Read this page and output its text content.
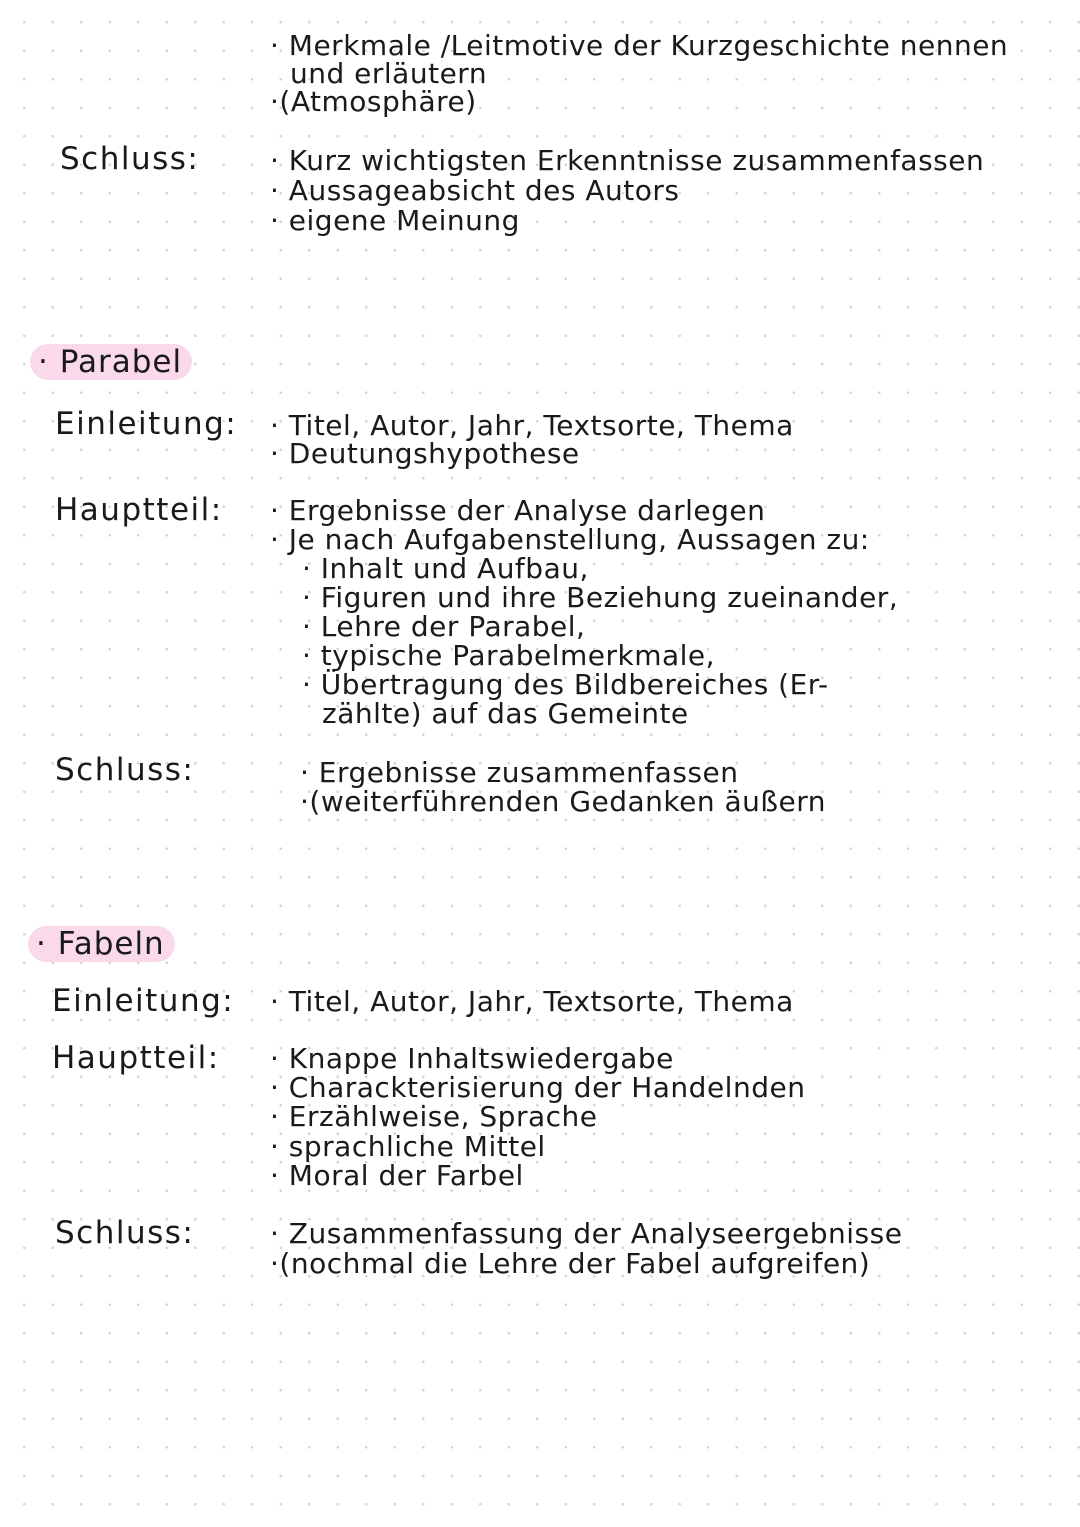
· Merkmale /Leitmotive der Kurzgeschichte nennen
und erläutern
·(Atmosphäre)
Schluss:	· Kurz wichtigsten Erkenntnisse zusammenfassen
· Aussageabsicht des Autors
· eigene Meinung
· Parabel
Einleitung: · Titel, Autor, Jahr, Textsorte, Thema
· Deutungshypothese
Hauptteil: · Ergebnisse der Analyse darlegen
· Je nach Aufgabenstellung, Aussagen zu:
· Inhalt und Aufbau,
· Figuren und ihre Beziehung zueinander,
· Lehre der Parabel,
· typische Parabelmerkmale,
· Übertragung des Bildbereiches (Er-
zählte) auf das Gemeinte
Schluss:	· Ergebnisse zusammenfassen
·(weiterführenden Gedanken äußern
· Fabeln
Einleitung: · Titel, Autor, Jahr, Textsorte, Thema
Hauptteil: · Knappe Inhaltswiedergabe
· Charackterisierung der Handelnden
· Erzählweise, Sprache
· sprachliche Mittel
· Moral der Farbel
Schluss:	· Zusammenfassung der Analyseergebnisse
·(nochmal die Lehre der Fabel aufgreifen)
